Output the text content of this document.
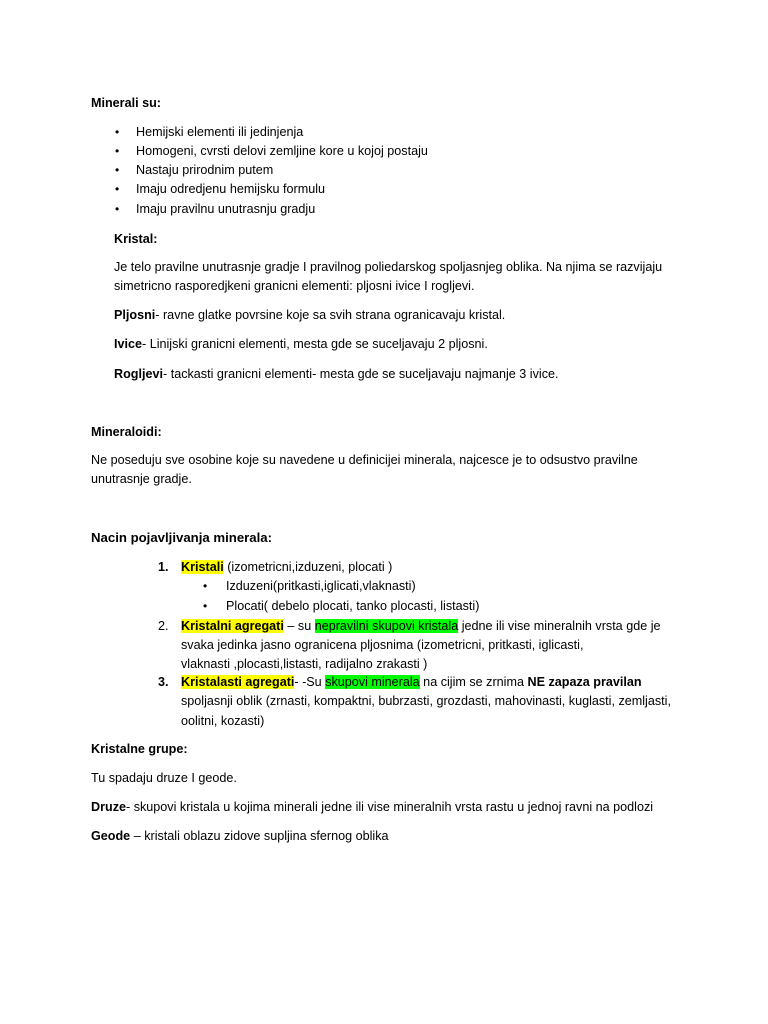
Minerali su:
• Hemijski elementi ili jedinjenja
• Homogeni, cvrsti delovi zemljine kore u kojoj postaju
• Nastaju prirodnim putem
• Imaju odredjenu hemijsku formulu
• Imaju pravilnu unutrasnju gradju
Kristal:
Je telo pravilne unutrasnje gradje I pravilnog poliedarskog spoljasnjeg oblika. Na njima se razvijaju
simetricno rasporedjkeni granicni elementi: pljosni ivice I rogljevi.
Pljosni- ravne glatke povrsine koje sa svih strana ogranicavaju kristal.
Ivice- Linijski granicni elementi, mesta gde se suceljavaju 2 pljosni.
Rogljevi- tackasti granicni elementi- mesta gde se suceljavaju najmanje 3 ivice.
Mineraloidi:
Ne poseduju sve osobine koje su navedene u definicijei minerala, najcesce je to odsustvo pravilne
unutrasnje gradje.
Nacin pojavljivanja minerala:
1. Kristali (izometricni,izduzeni, plocati )
• Izduzeni(pritkasti,iglicati,vlaknasti)
• Plocati( debelo plocati, tanko plocasti, listasti)
2. Kristalni agregati – su nepravilni skupovi kristala jedne ili vise mineralnih vrsta gde je
svaka jedinka jasno ogranicena pljosnima (izometricni, pritkasti, iglicasti,
vlaknasti ,plocasti,listasti, radijalno zrakasti )
3. Kristalasti agregati- -Su skupovi minerala na cijim se zrnima NE zapaza pravilan
spoljasnji oblik (zrnasti, kompaktni, bubrzasti, grozdasti, mahovinasti, kuglasti, zemljasti,
oolitni, kozasti)
Kristalne grupe:
Tu spadaju druze I geode.
Druze- skupovi kristala u kojima minerali jedne ili vise mineralnih vrsta rastu u jednoj ravni na podlozi
Geode – kristali oblazu zidove supljina sfernog oblika
